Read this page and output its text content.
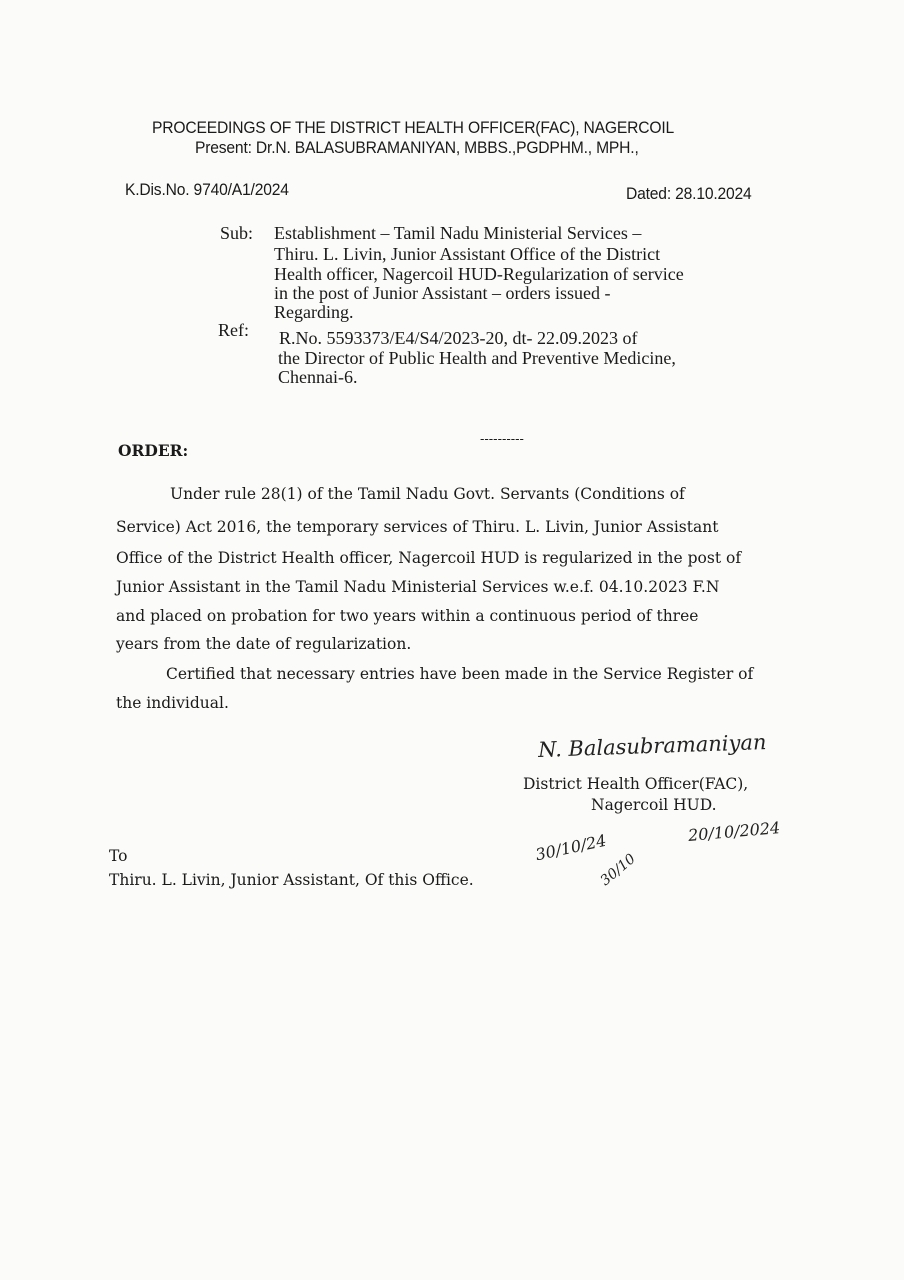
PROCEEDINGS OF THE DISTRICT HEALTH OFFICER(FAC), NAGERCOIL
Present: Dr.N. BALASUBRAMANIYAN, MBBS.,PGDPHM., MPH.,
K.Dis.No. 9740/A1/2024	Dated: 28.10.2024
Sub: Establishment – Tamil Nadu Ministerial Services –
Thiru. L. Livin, Junior Assistant Office of the District
Health officer, Nagercoil HUD-Regularization of service
in the post of Junior Assistant – orders issued -
Regarding.
Ref: R.No. 5593373/E4/S4/2023-20, dt- 22.09.2023 of
the Director of Public Health and Preventive Medicine,
Chennai-6.
----------
ORDER:
Under rule 28(1) of the Tamil Nadu Govt. Servants (Conditions of
Service) Act 2016, the temporary services of Thiru. L. Livin, Junior Assistant
Office of the District Health officer, Nagercoil HUD is regularized in the post of
Junior Assistant in the Tamil Nadu Ministerial Services w.e.f. 04.10.2023 F.N
and placed on probation for two years within a continuous period of three
years from the date of regularization.
Certified that necessary entries have been made in the Service Register of
the individual.
N. Balasubramaniyan
District Health Officer(FAC),
Nagercoil HUD.
30/10/24	20/10/2024
30/10
To
Thiru. L. Livin, Junior Assistant, Of this Office.
